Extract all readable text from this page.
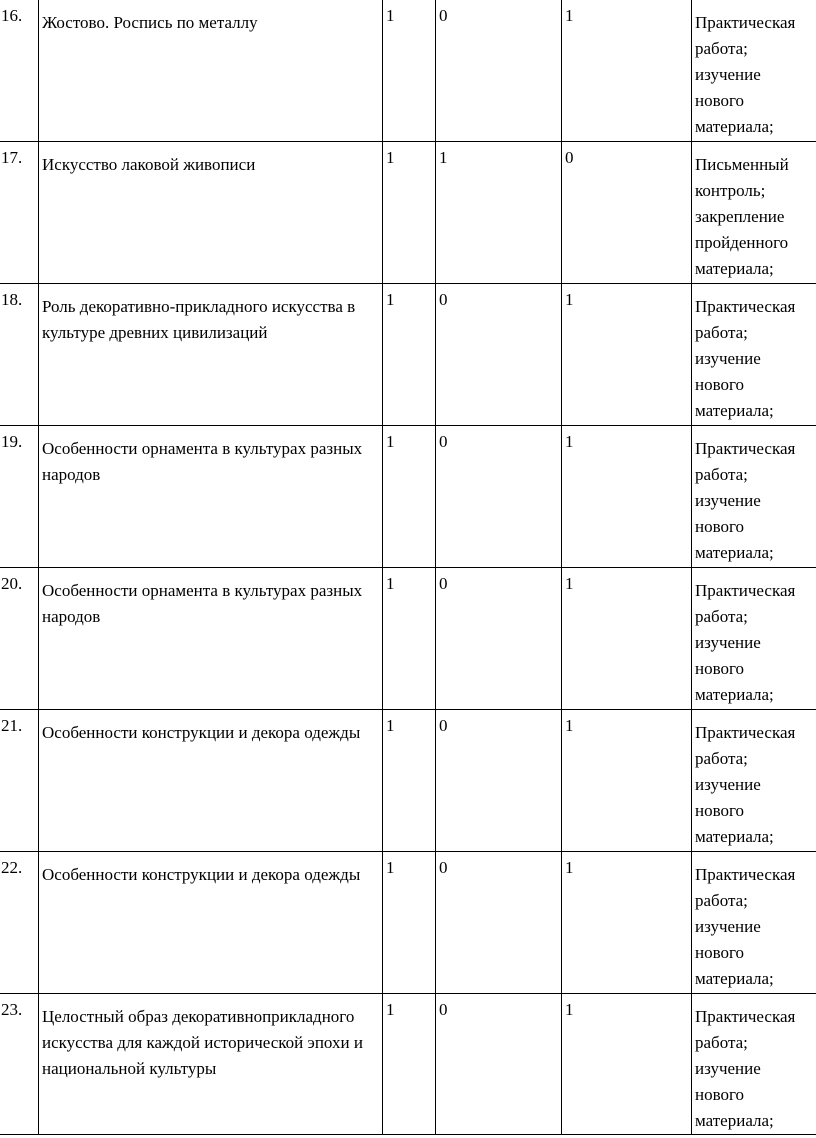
16.	Жостово. Роспись по металлу	1	0	1	Практическая работа; изучение нового материала;
17.	Искусство лаковой живописи	1	1	0	Письменный контроль; закрепление пройденного материала;
18.	Роль декоративно-прикладного искусства в культуре древних цивилизаций	1	0	1	Практическая работа; изучение нового материала;
19.	Особенности орнамента в культурах разных народов	1	0	1	Практическая работа; изучение нового материала;
20.	Особенности орнамента в культурах разных народов	1	0	1	Практическая работа; изучение нового материала;
21.	Особенности конструкции и декора одежды	1	0	1	Практическая работа; изучение нового материала;
22.	Особенности конструкции и декора одежды	1	0	1	Практическая работа; изучение нового материала;
23.	Целостный образ декоративноприкладного искусства для каждой исторической эпохи и национальной культуры	1	0	1	Практическая работа; изучение нового материала;
